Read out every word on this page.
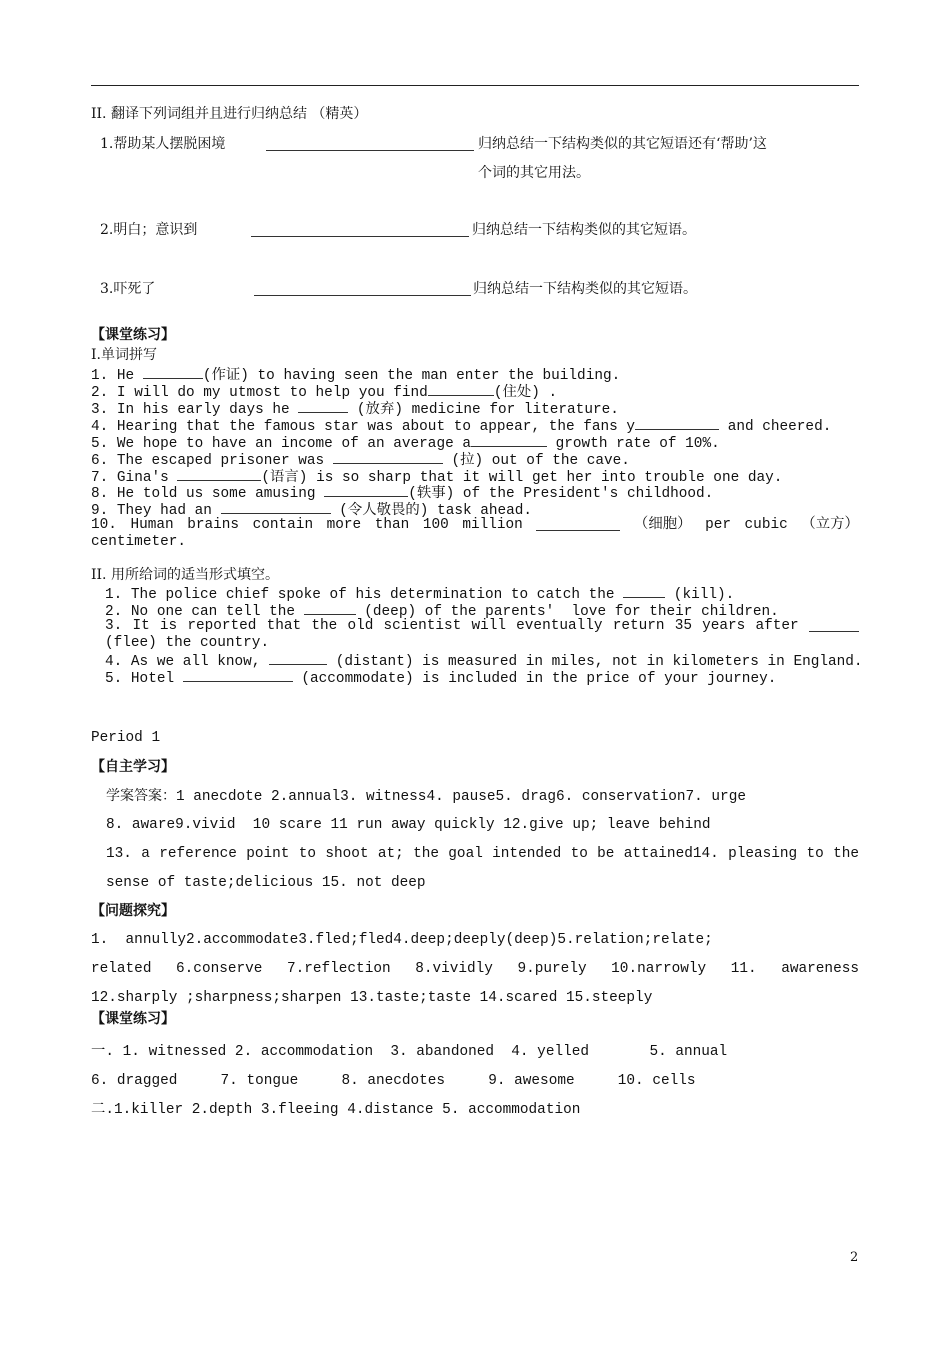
II. 翻译下列词组并且进行归纳总结 （精英）
1.帮助某人摆脱困境	归纳总结一下结构类似的其它短语还有‘帮助’这
个词的其它用法。
2.明白；意识到	归纳总结一下结构类似的其它短语。
3.吓死了	归纳总结一下结构类似的其它短语。
【课堂练习】
I.单词拼写
1. He	(作证) to having seen the man enter the building.
2. I will do my utmost to help you find	(住处) .
3. In his early days he	(放弃) medicine for literature.
4. Hearing that the famous star was about to appear, the fans y	and cheered.
5. We hope to have an income of an average a	growth rate of 10%.
6. The escaped prisoner was	(拉) out of the cave.
7. Gina's	(语言) is so sharp that it will get her into trouble one day.
8. He told us some amusing	(轶事) of the President's childhood.
9. They had an	(令人敬畏的) task ahead.
10. Human brains contain more than 100 million	（细胞） per cubic （立方）
centimeter.
II. 用所给词的适当形式填空。
1. The police chief spoke of his determination to catch the	(kill).
2. No one can tell the	(deep) of the parents'  love for their children.
3. It is reported that the old scientist will eventually return 35 years after
(flee) the country.
4. As we all know,	(distant) is measured in miles, not in kilometers in England.
5. Hotel	(accommodate) is included in the price of your journey.
Period 1
【自主学习】
学案答案：1 anecdote 2.annual3. witness4. pause5. drag6. conservation7. urge
8. aware9.vivid  10 scare 11 run away quickly 12.give up; leave behind
13. a reference point to shoot at; the goal intended to be attained14. pleasing to the
sense of taste;delicious 15. not deep
【问题探究】
1.  annully2.accommodate3.fled;fled4.deep;deeply(deep)5.relation;relate;
related 6.conserve 7.reflection 8.vividly 9.purely 10.narrowly 11. awareness
12.sharply ;sharpness;sharpen 13.taste;taste 14.scared 15.steeply
【课堂练习】
一. 1. witnessed 2. accommodation  3. abandoned  4. yelled       5. annual
6. dragged     7. tongue     8. anecdotes     9. awesome     10. cells
二.1.killer 2.depth 3.fleeing 4.distance 5. accommodation
2
